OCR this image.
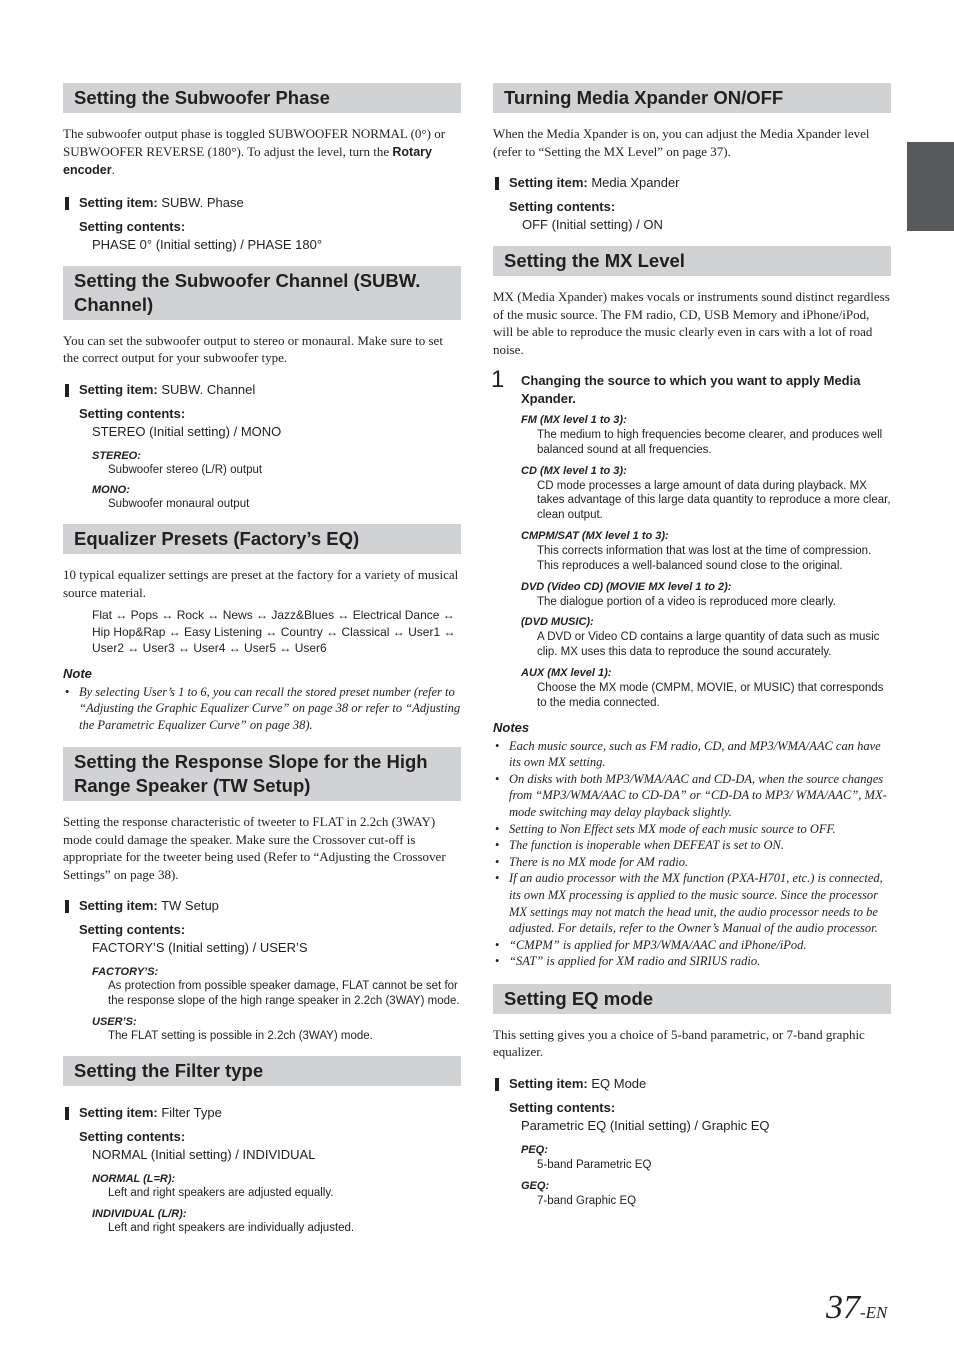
Setting the Subwoofer Phase

The subwoofer output phase is toggled SUBWOOFER NORMAL (0°) or SUBWOOFER REVERSE (180°). To adjust the level, turn the Rotary encoder.

Setting item: SUBW. Phase
Setting contents:
PHASE 0° (Initial setting) / PHASE 180°
Setting the Subwoofer Channel (SUBW. Channel)

You can set the subwoofer output to stereo or monaural. Make sure to set the correct output for your subwoofer type.

Setting item: SUBW. Channel
Setting contents:
STEREO (Initial setting) / MONO
STEREO:
Subwoofer stereo (L/R) output
MONO:
Subwoofer monaural output
Equalizer Presets (Factory’s EQ)

10 typical equalizer settings are preset at the factory for a variety of musical source material.

Flat ↔ Pops ↔ Rock ↔ News ↔ Jazz&Blues ↔ Electrical Dance ↔ Hip Hop&Rap ↔ Easy Listening ↔ Country ↔ Classical ↔ User1 ↔ User2 ↔ User3 ↔ User4 ↔ User5 ↔ User6
Note
• By selecting User’s 1 to 6, you can recall the stored preset number (refer to “Adjusting the Graphic Equalizer Curve” on page 38 or refer to “Adjusting the Parametric Equalizer Curve” on page 38).
Setting the Response Slope for the High Range Speaker (TW Setup)

Setting the response characteristic of tweeter to FLAT in 2.2ch (3WAY) mode could damage the speaker. Make sure the Crossover cut-off is appropriate for the tweeter being used (Refer to “Adjusting the Crossover Settings” on page 38).

Setting item: TW Setup
Setting contents:
FACTORY’S (Initial setting) / USER’S
FACTORY’S:
As protection from possible speaker damage, FLAT cannot be set for the response slope of the high range speaker in 2.2ch (3WAY) mode.
USER’S:
The FLAT setting is possible in 2.2ch (3WAY) mode.
Setting the Filter type
Setting item: Filter Type
Setting contents:
NORMAL (Initial setting) / INDIVIDUAL
NORMAL (L=R):
Left and right speakers are adjusted equally.
INDIVIDUAL (L/R):
Left and right speakers are individually adjusted.
Turning Media Xpander ON/OFF

When the Media Xpander is on, you can adjust the Media Xpander level (refer to “Setting the MX Level” on page 37).

Setting item: Media Xpander
Setting contents:
OFF (Initial setting) / ON
Setting the MX Level

MX (Media Xpander) makes vocals or instruments sound distinct regardless of the music source. The FM radio, CD, USB Memory and iPhone/iPod, will be able to reproduce the music clearly even in cars with a lot of road noise.

1 Changing the source to which you want to apply Media Xpander.
FM (MX level 1 to 3):
The medium to high frequencies become clearer, and produces well balanced sound at all frequencies.
CD (MX level 1 to 3):
CD mode processes a large amount of data during playback. MX takes advantage of this large data quantity to reproduce a more clear, clean output.
CMPM/SAT (MX level 1 to 3):
This corrects information that was lost at the time of compression. This reproduces a well-balanced sound close to the original.
DVD (Video CD) (MOVIE MX level 1 to 2):
The dialogue portion of a video is reproduced more clearly.
(DVD MUSIC):
A DVD or Video CD contains a large quantity of data such as music clip. MX uses this data to reproduce the sound accurately.
AUX (MX level 1):
Choose the MX mode (CMPM, MOVIE, or MUSIC) that corresponds to the media connected.
Notes
• Each music source, such as FM radio, CD, and MP3/WMA/AAC can have its own MX setting.
• On disks with both MP3/WMA/AAC and CD-DA, when the source changes from “MP3/WMA/AAC to CD-DA” or “CD-DA to MP3/ WMA/AAC”, MX-mode switching may delay playback slightly.
• Setting to Non Effect sets MX mode of each music source to OFF.
• The function is inoperable when DEFEAT is set to ON.
• There is no MX mode for AM radio.
• If an audio processor with the MX function (PXA-H701, etc.) is connected, its own MX processing is applied to the music source. Since the processor MX settings may not match the head unit, the audio processor needs to be adjusted. For details, refer to the Owner’s Manual of the audio processor.
• “CMPM” is applied for MP3/WMA/AAC and iPhone/iPod.
• “SAT” is applied for XM radio and SIRIUS radio.
Setting EQ mode

This setting gives you a choice of 5-band parametric, or 7-band graphic equalizer.

Setting item: EQ Mode
Setting contents:
Parametric EQ (Initial setting) / Graphic EQ
PEQ:
5-band Parametric EQ
GEQ:
7-band Graphic EQ
37-EN
